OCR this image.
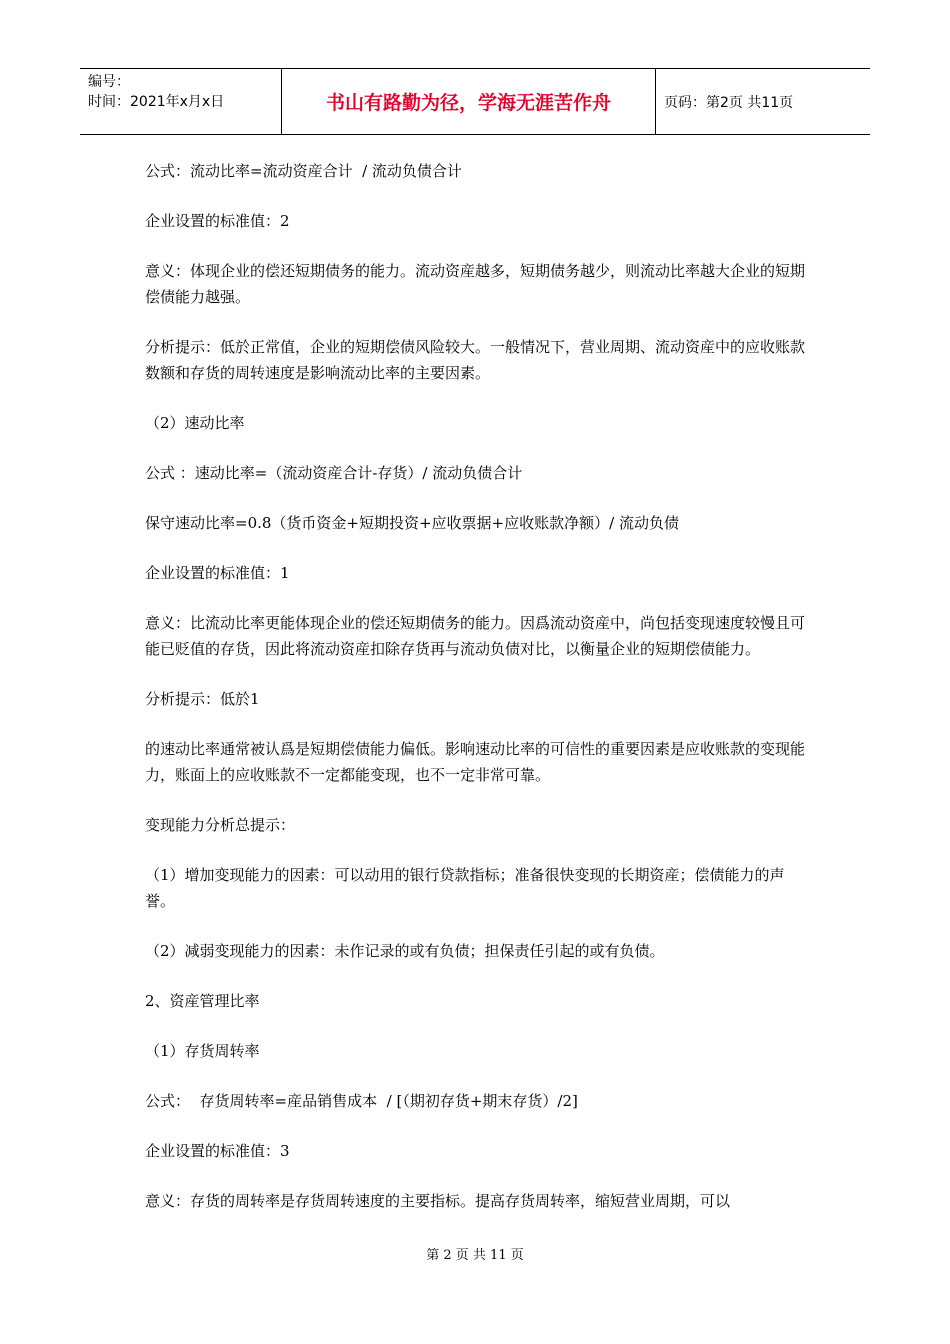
编号：
时间：2021年x月x日	书山有路勤为径，学海无涯苦作舟	页码：第2页 共11页

公式：流动比率=流动资産合计  / 流动负债合计

企业设置的标准值：2

意义：体现企业的偿还短期债务的能力。流动资産越多，短期债务越少，则流动比率越大企业的短期偿债能力越强。

分析提示：低於正常值，企业的短期偿债风险较大。一般情况下，营业周期、流动资産中的应收账款数额和存货的周转速度是影响流动比率的主要因素。

（2）速动比率

公式 ：速动比率=（流动资産合计-存货）/ 流动负债合计

保守速动比率=0.8（货币资金+短期投资+应收票据+应收账款净额）/ 流动负债

企业设置的标准值：1

意义：比流动比率更能体现企业的偿还短期债务的能力。因爲流动资産中，尚包括变现速度较慢且可能已贬值的存货，因此将流动资産扣除存货再与流动负债对比，以衡量企业的短期偿债能力。

分析提示：低於1

的速动比率通常被认爲是短期偿债能力偏低。影响速动比率的可信性的重要因素是应收账款的变现能力，账面上的应收账款不一定都能变现，也不一定非常可靠。

变现能力分析总提示：

（1）增加变现能力的因素：可以动用的银行贷款指标；准备很快变现的长期资産；偿债能力的声誉。

（2）减弱变现能力的因素：未作记录的或有负债；担保责任引起的或有负债。

2、资産管理比率

（1）存货周转率

公式：  存货周转率=産品销售成本  / [（期初存货+期末存货）/2]

企业设置的标准值：3

意义：存货的周转率是存货周转速度的主要指标。提高存货周转率，缩短营业周期，可以

第 2 页 共 11 页
